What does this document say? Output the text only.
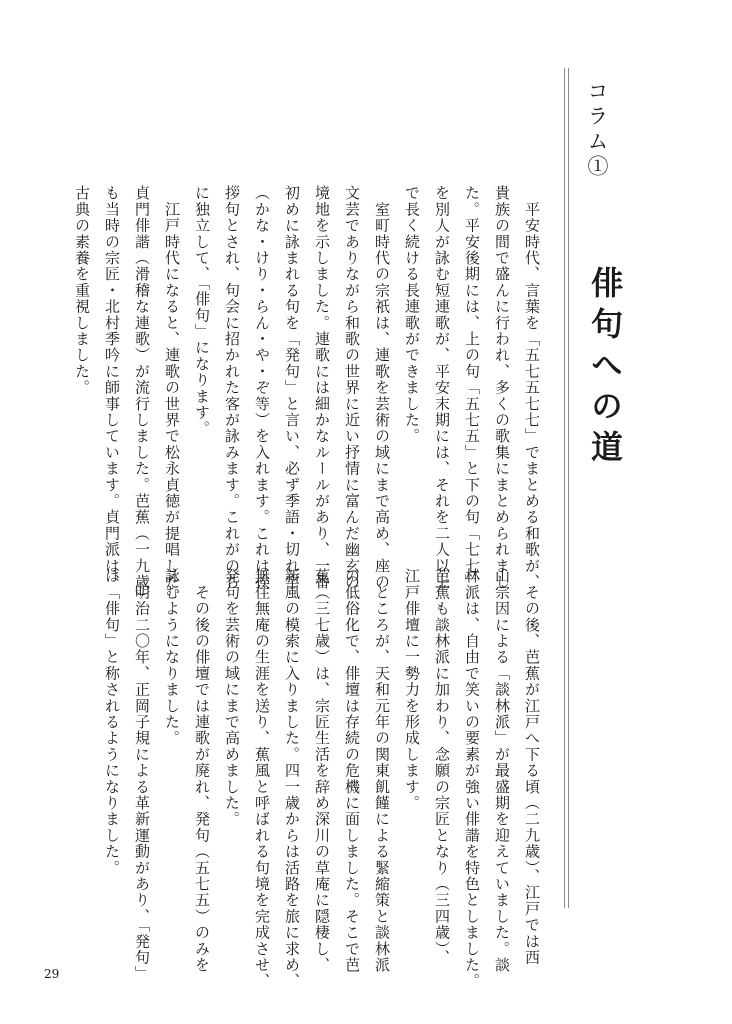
コラム①
俳句への道
　平安時代、言葉を「五七五七七」でまとめる和歌が、
貴族の間で盛んに行われ、多くの歌集にまとめられまし
た。平安後期には、上の句「五七五」と下の句「七七」
を別人が詠む短連歌が、平安末期には、それを二人以上
で長く続ける長連歌ができました。
　室町時代の宗祇は、連歌を芸術の域にまで高め、座の
文芸でありながら和歌の世界に近い抒情に富んだ幽玄の
境地を示しました。連歌には細かなルールがあり、一番
初めに詠まれる句を「発句」と言い、必ず季語・切れ字
（かな・けり・らん・や・ぞ等）を入れます。これは挨
拶句とされ、句会に招かれた客が詠みます。これがのち
に独立して、「俳句」になります。
　江戸時代になると、連歌の世界で松永貞徳が提唱した
貞門俳諧（滑稽な連歌）が流行しました。芭蕉（一九歳）
も当時の宗匠・北村季吟に師事しています。貞門派は、
古典の素養を重視しました。
　その後、芭蕉が江戸へ下る頃（二九歳）、江戸では西
山宗因による「談林派」が最盛期を迎えていました。談
林派は、自由で笑いの要素が強い俳諧を特色としました。
芭蕉も談林派に加わり、念願の宗匠となり（三四歳）、
江戸俳壇に一勢力を形成します。
　ところが、天和元年の関東飢饉による緊縮策と談林派
の低俗化で、俳壇は存続の危機に面しました。そこで芭
蕉（三七歳）は、宗匠生活を辞め深川の草庵に隠棲し、
新風の模索に入りました。四一歳からは活路を旅に求め、
無住無庵の生涯を送り、蕉風と呼ばれる句境を完成させ、
発句を芸術の域にまで高めました。
　その後の俳壇では連歌が廃れ、発句（五七五）のみを
詠むようになりました。
　明治二〇年、正岡子規による革新運動があり、「発句」
は「俳句」と称されるようになりました。
29
